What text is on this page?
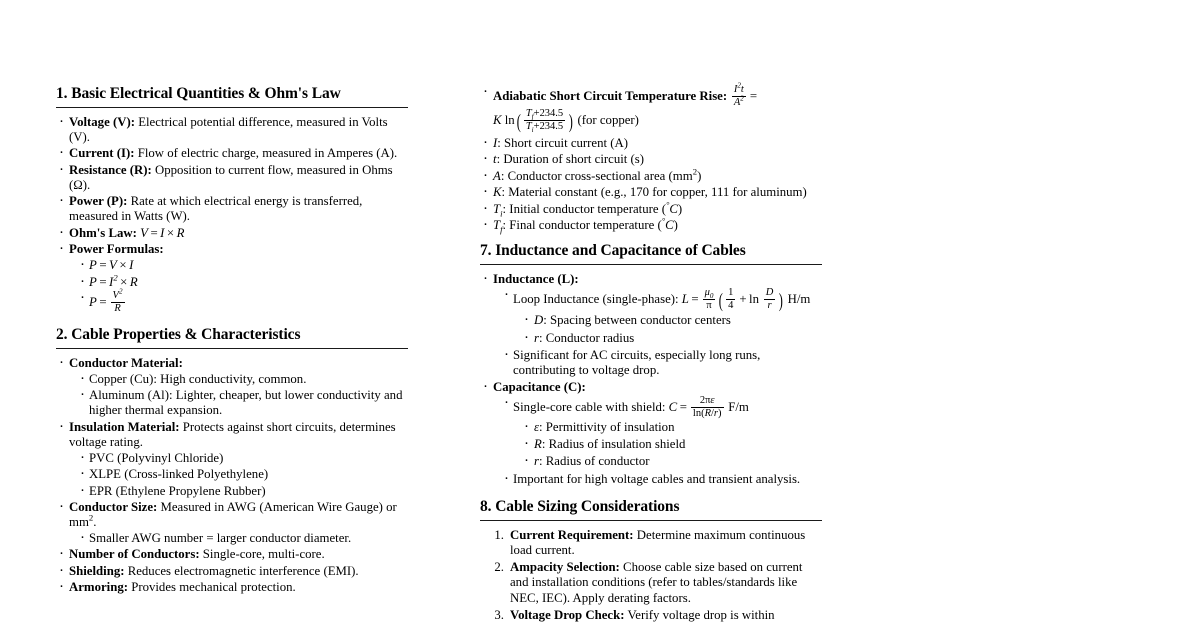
1. Basic Electrical Quantities & Ohm's Law
· Voltage (V): Electrical potential difference, measured in Volts (V).
· Current (I): Flow of electric charge, measured in Amperes (A).
· Resistance (R): Opposition to current flow, measured in Ohms (Ω).
· Power (P): Rate at which electrical energy is transferred, measured in Watts (W).
· Ohm's Law: V = I × R
· Power Formulas:
· P = V × I
· $P = I^2 \times R$
· $P = \frac{V^2}{R}$
2. Cable Properties & Characteristics
· Conductor Material:
· Copper (Cu): High conductivity, common.
· Aluminum (Al): Lighter, cheaper, but lower conductivity and higher thermal expansion.
· Insulation Material: Protects against short circuits, determines voltage rating.
· PVC (Polyvinyl Chloride)
· XLPE (Cross-linked Polyethylene)
· EPR (Ethylene Propylene Rubber)
· Conductor Size: Measured in AWG (American Wire Gauge) or $mm^2$.
· Smaller AWG number = larger conductor diameter.
· Number of Conductors: Single-core, multi-core.
· Shielding: Reduces electromagnetic interference (EMI).
· Armoring: Provides mechanical protection.
· Adiabatic Short Circuit Temperature Rise: $\frac{I^2t}{A^2} = K$ $\ln( \frac{T_f+234.5}{T_i+234.5}$ ) (for copper)
· I: Short circuit current (A)
· t: Duration of short circuit (s)
· A: Conductor cross-sectional area $(mm^2)$
· K: Material constant (e.g., 170 for copper, 111 for aluminum)
· $T_i$: Initial conductor temperature (°C)
· $T_f$: Final conductor temperature (°C)
7. Inductance and Capacitance of Cables
· Inductance (L):
· Loop Inductance (single-phase): $L = \frac{\mu_0}{\pi}$ ( $\frac{1}{4} + \ln \frac{D}{r}$ ) H/m
· D: Spacing between conductor centers
· r: Conductor radius
· Significant for AC circuits, especially long runs, contributing to voltage drop.
· Capacitance (C):
· Single-core cable with shield: $C = \frac{2\pi\varepsilon}{\ln(R/r)} F/m$
· ε: Permittivity of insulation
· R: Radius of insulation shield
· r: Radius of conductor
· Important for high voltage cables and transient analysis.
8. Cable Sizing Considerations
Current Requirement: Determine maximum continuous load current.
Ampacity Selection: Choose cable size based on current and installation conditions (refer to tables/standards like NEC, IEC). Apply derating factors.
Voltage Drop Check: Verify voltage drop is within
